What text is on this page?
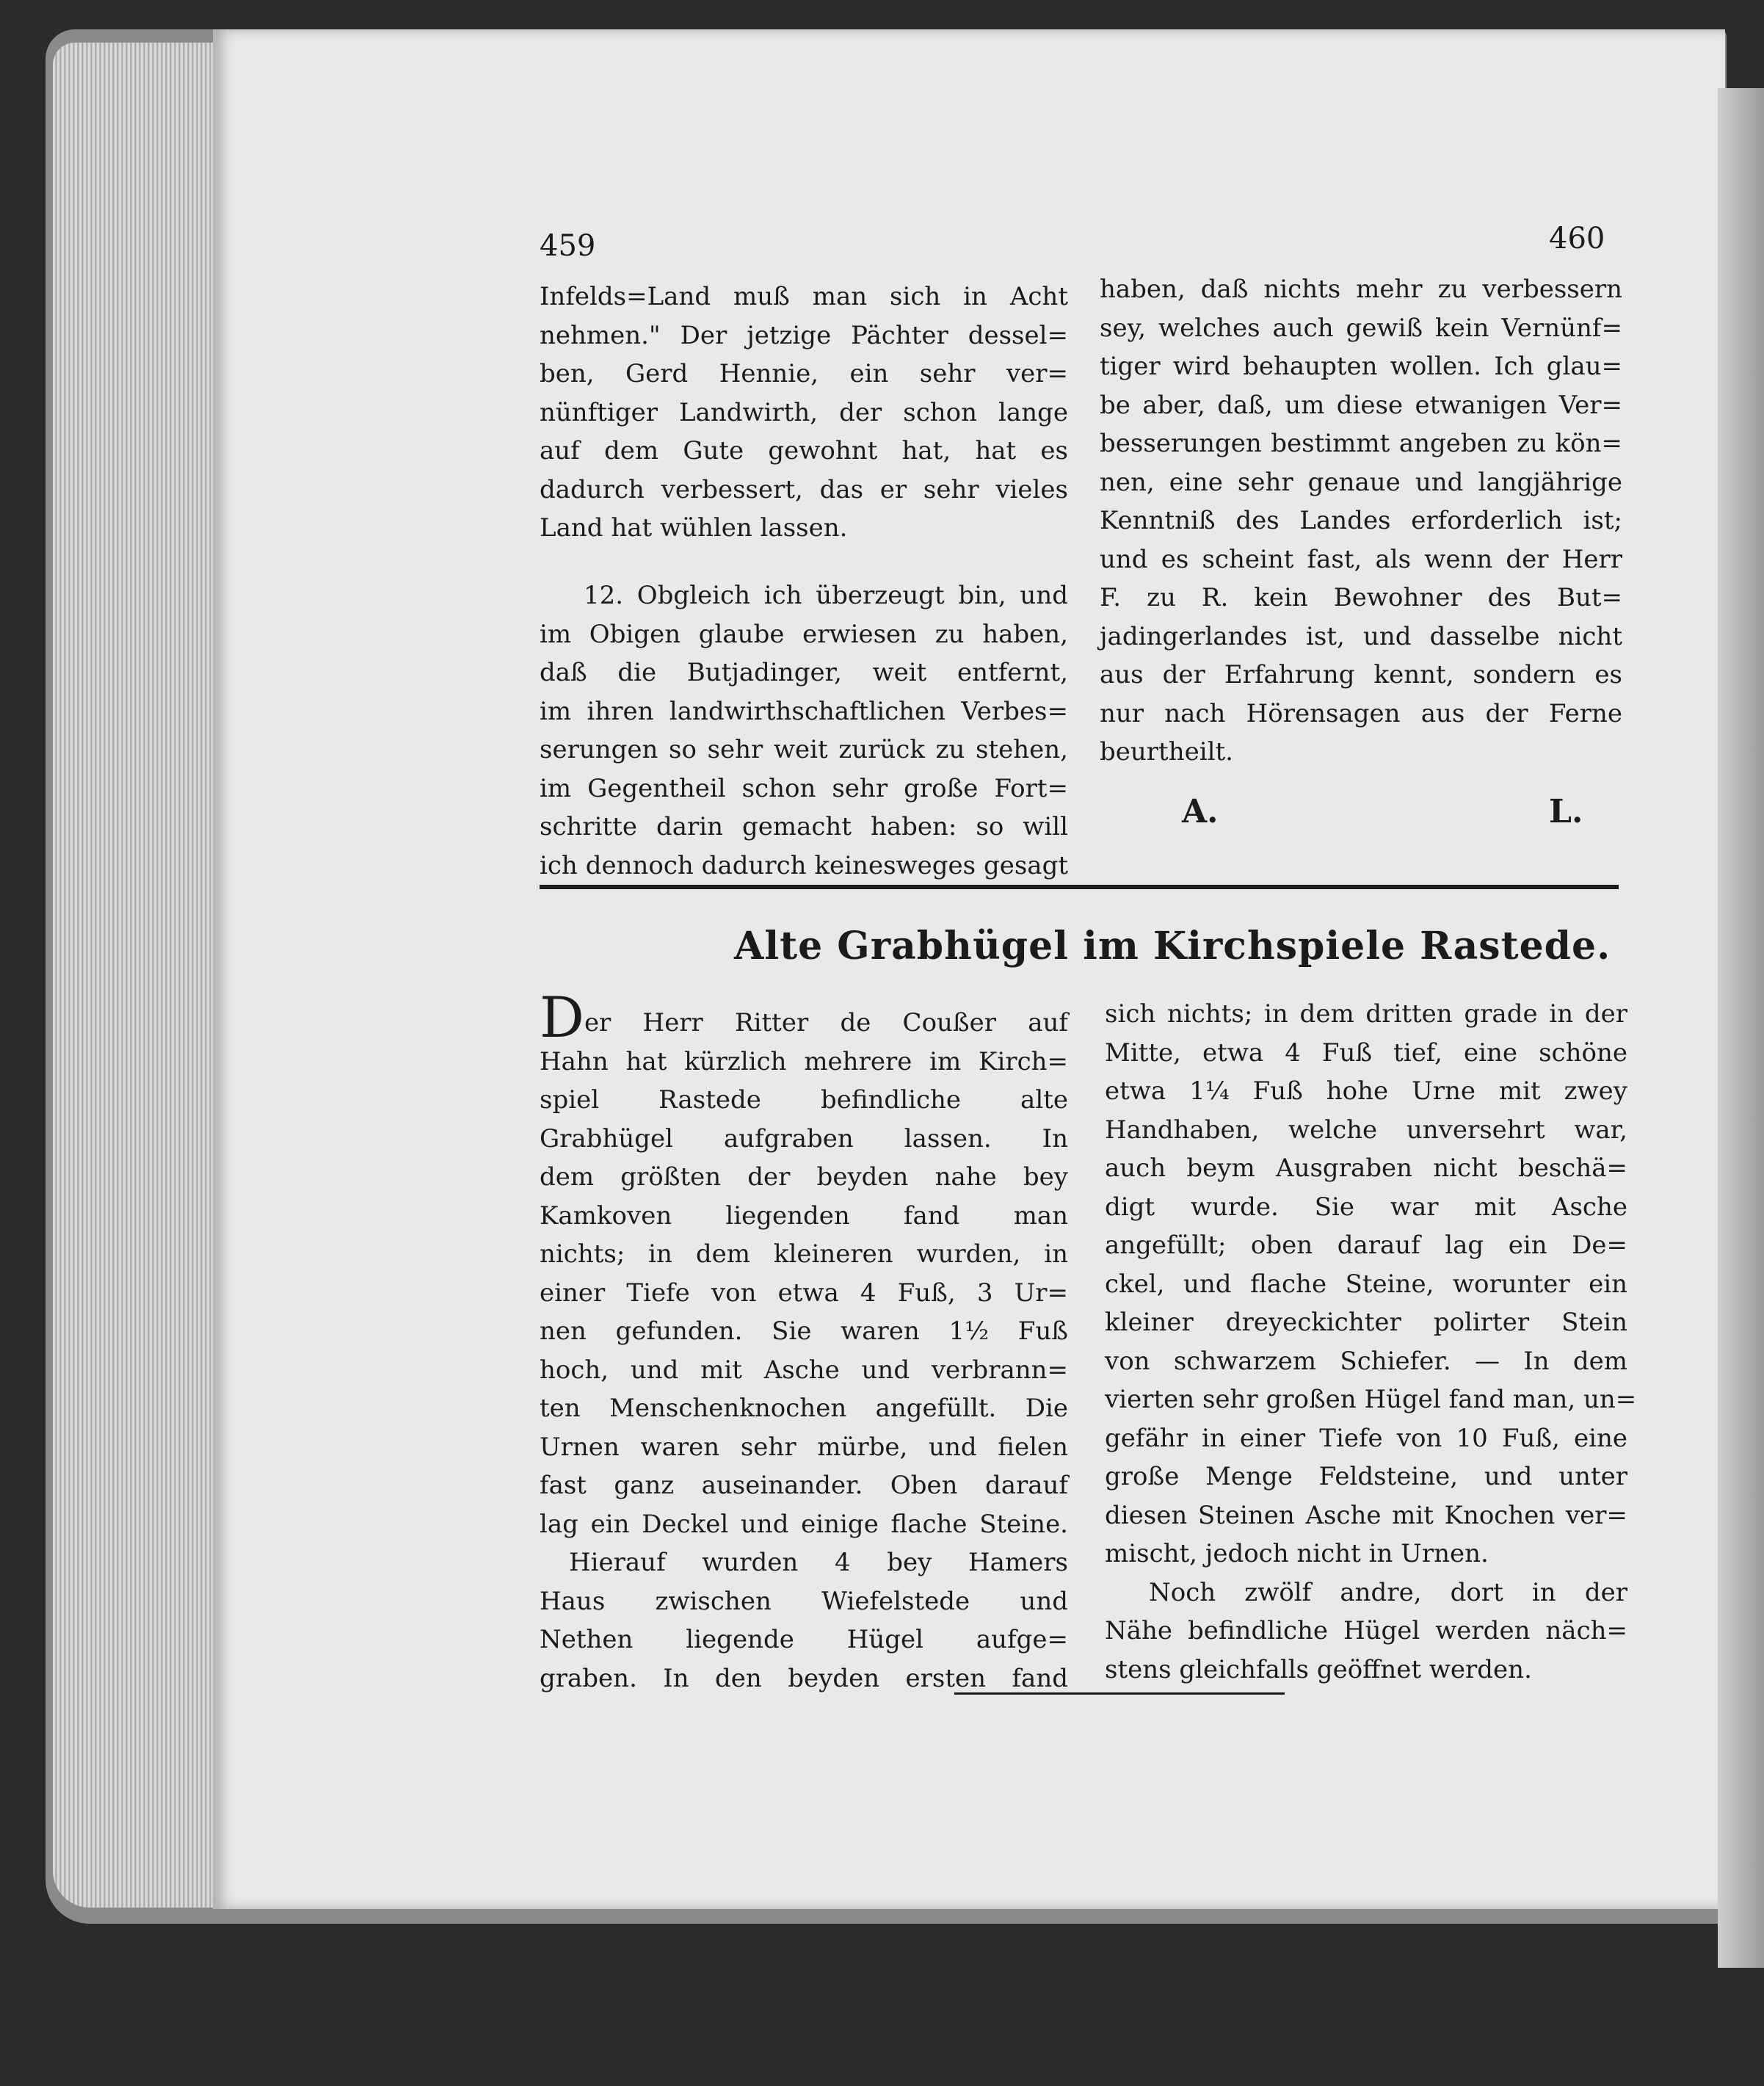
459	460
Infelds=Land muß man sich in Acht
nehmen." Der jetzige Pächter dessel=
ben, Gerd Hennie, ein sehr ver=
nünftiger Landwirth, der schon lange
auf dem Gute gewohnt hat, hat es
dadurch verbessert, das er sehr vieles
Land hat wühlen lassen.
12. Obgleich ich überzeugt bin, und
im Obigen glaube erwiesen zu haben,
daß die Butjadinger, weit entfernt,
im ihren landwirthschaftlichen Verbes=
serungen so sehr weit zurück zu stehen,
im Gegentheil schon sehr große Fort=
schritte darin gemacht haben: so will
ich dennoch dadurch keinesweges gesagt
haben, daß nichts mehr zu verbessern
sey, welches auch gewiß kein Vernünf=
tiger wird behaupten wollen. Ich glau=
be aber, daß, um diese etwanigen Ver=
besserungen bestimmt angeben zu kön=
nen, eine sehr genaue und langjährige
Kenntniß des Landes erforderlich ist;
und es scheint fast, als wenn der Herr
F. zu R. kein Bewohner des But=
jadingerlandes ist, und dasselbe nicht
aus der Erfahrung kennt, sondern es
nur nach Hörensagen aus der Ferne
beurtheilt.
A.	L.
Alte Grabhügel im Kirchspiele Rastede.
Der Herr Ritter de Coußer auf
Hahn hat kürzlich mehrere im Kirch=
spiel Rastede befindliche alte
Grabhügel aufgraben lassen. In
dem größten der beyden nahe bey
Kamkoven liegenden fand man
nichts; in dem kleineren wurden, in
einer Tiefe von etwa 4 Fuß, 3 Ur=
nen gefunden. Sie waren 1½ Fuß
hoch, und mit Asche und verbrann=
ten Menschenknochen angefüllt. Die
Urnen waren sehr mürbe, und fielen
fast ganz auseinander. Oben darauf
lag ein Deckel und einige flache Steine.
Hierauf wurden 4 bey Hamers
Haus zwischen Wiefelstede und
Nethen liegende Hügel aufge=
graben. In den beyden ersten fand
sich nichts; in dem dritten grade in der
Mitte, etwa 4 Fuß tief, eine schöne
etwa 1¼ Fuß hohe Urne mit zwey
Handhaben, welche unversehrt war,
auch beym Ausgraben nicht beschä=
digt wurde. Sie war mit Asche
angefüllt; oben darauf lag ein De=
ckel, und flache Steine, worunter ein
kleiner dreyeckichter polirter Stein
von schwarzem Schiefer. — In dem
vierten sehr großen Hügel fand man, un=
gefähr in einer Tiefe von 10 Fuß, eine
große Menge Feldsteine, und unter
diesen Steinen Asche mit Knochen ver=
mischt, jedoch nicht in Urnen.
Noch zwölf andre, dort in der
Nähe befindliche Hügel werden näch=
stens gleichfalls geöffnet werden.
